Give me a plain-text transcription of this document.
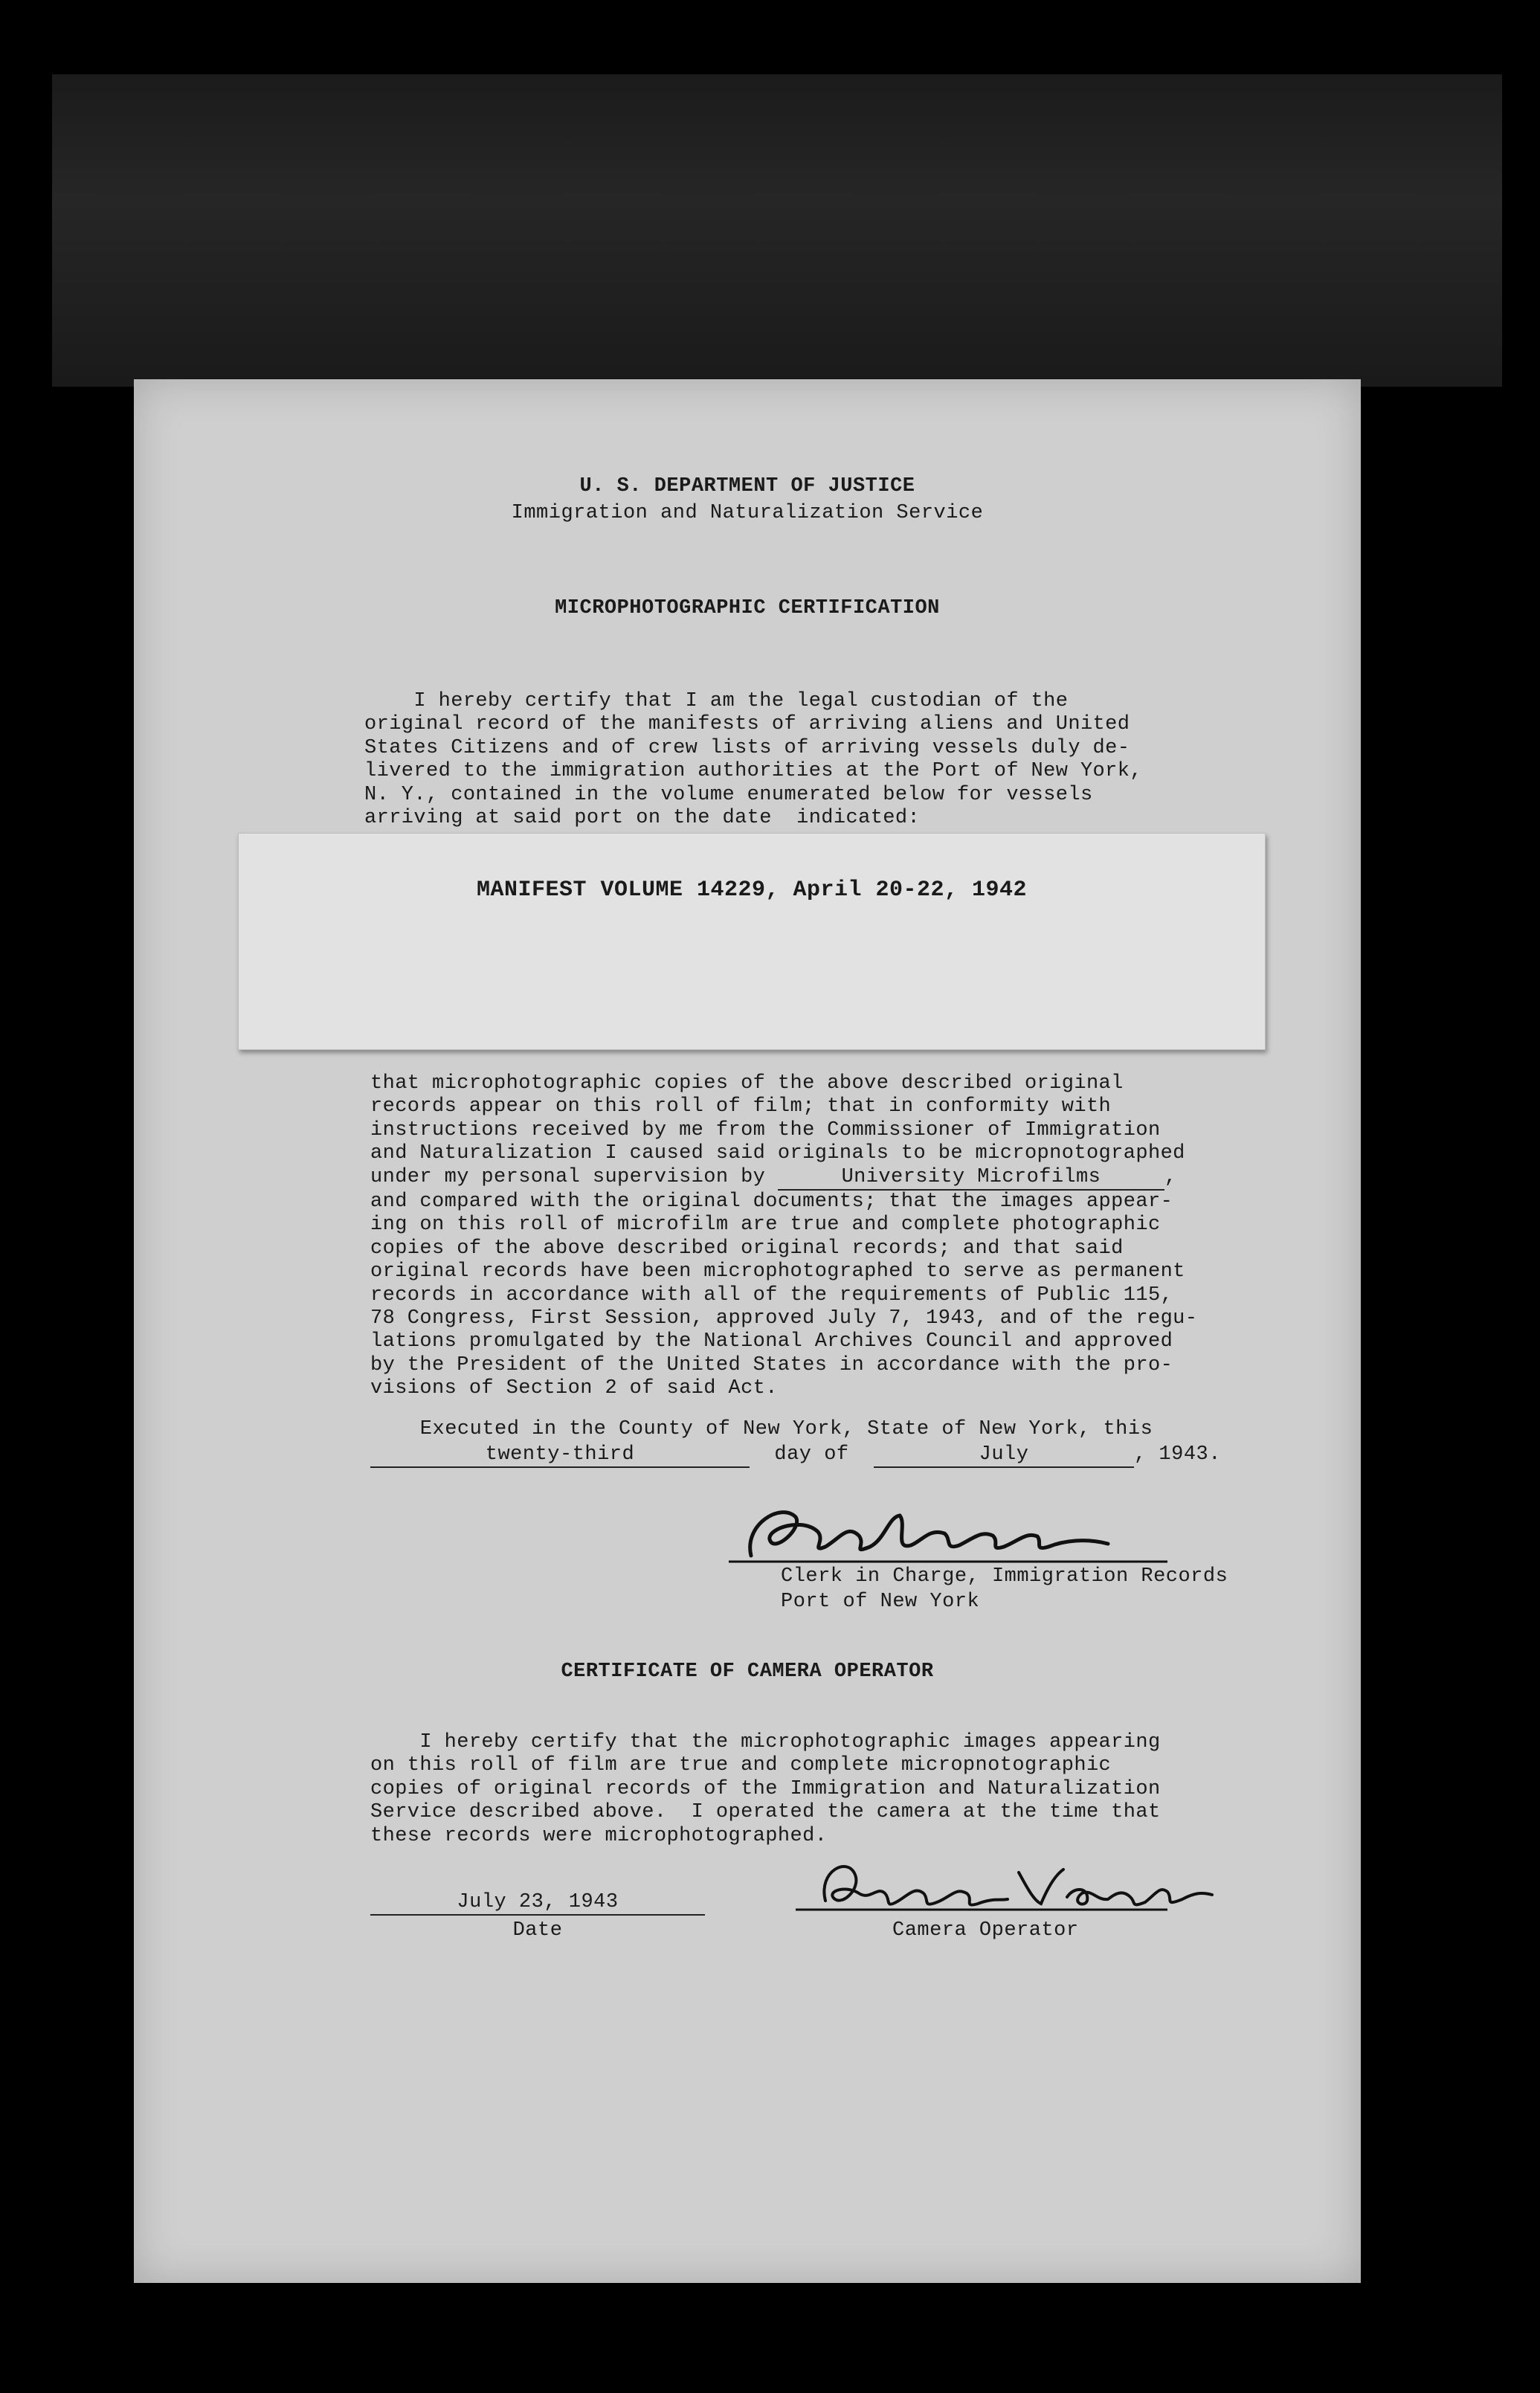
U. S. DEPARTMENT OF JUSTICE
Immigration and Naturalization Service
MICROPHOTOGRAPHIC CERTIFICATION
I hereby certify that I am the legal custodian of the
original record of the manifests of arriving aliens and United
States Citizens and of crew lists of arriving vessels duly de-
livered to the immigration authorities at the Port of New York,
N. Y., contained in the volume enumerated below for vessels
arriving at said port on the date  indicated:
MANIFEST VOLUME 14229, April 20-22, 1942
that microphotographic copies of the above described original
records appear on this roll of film; that in conformity with
instructions received by me from the Commissioner of Immigration
and Naturalization I caused said originals to be micropnotographed
under my personal supervision by	University Microfilms	,
and compared with the original documents; that the images appear-
ing on this roll of microfilm are true and complete photographic
copies of the above described original records; and that said
original records have been microphotographed to serve as permanent
records in accordance with all of the requirements of Public 115,
78 Congress, First Session, approved July 7, 1943, and of the regu-
lations promulgated by the National Archives Council and approved
by the President of the United States in accordance with the pro-
visions of Section 2 of said Act.
Executed in the County of New York, State of New York, this
twenty-third	day of	July	, 1943.
Clerk in Charge, Immigration Records
Port of New York
CERTIFICATE OF CAMERA OPERATOR
I hereby certify that the microphotographic images appearing
on this roll of film are true and complete micropnotographic
copies of original records of the Immigration and Naturalization
Service described above.  I operated the camera at the time that
these records were microphotographed.
July 23, 1943
Date	Camera Operator
